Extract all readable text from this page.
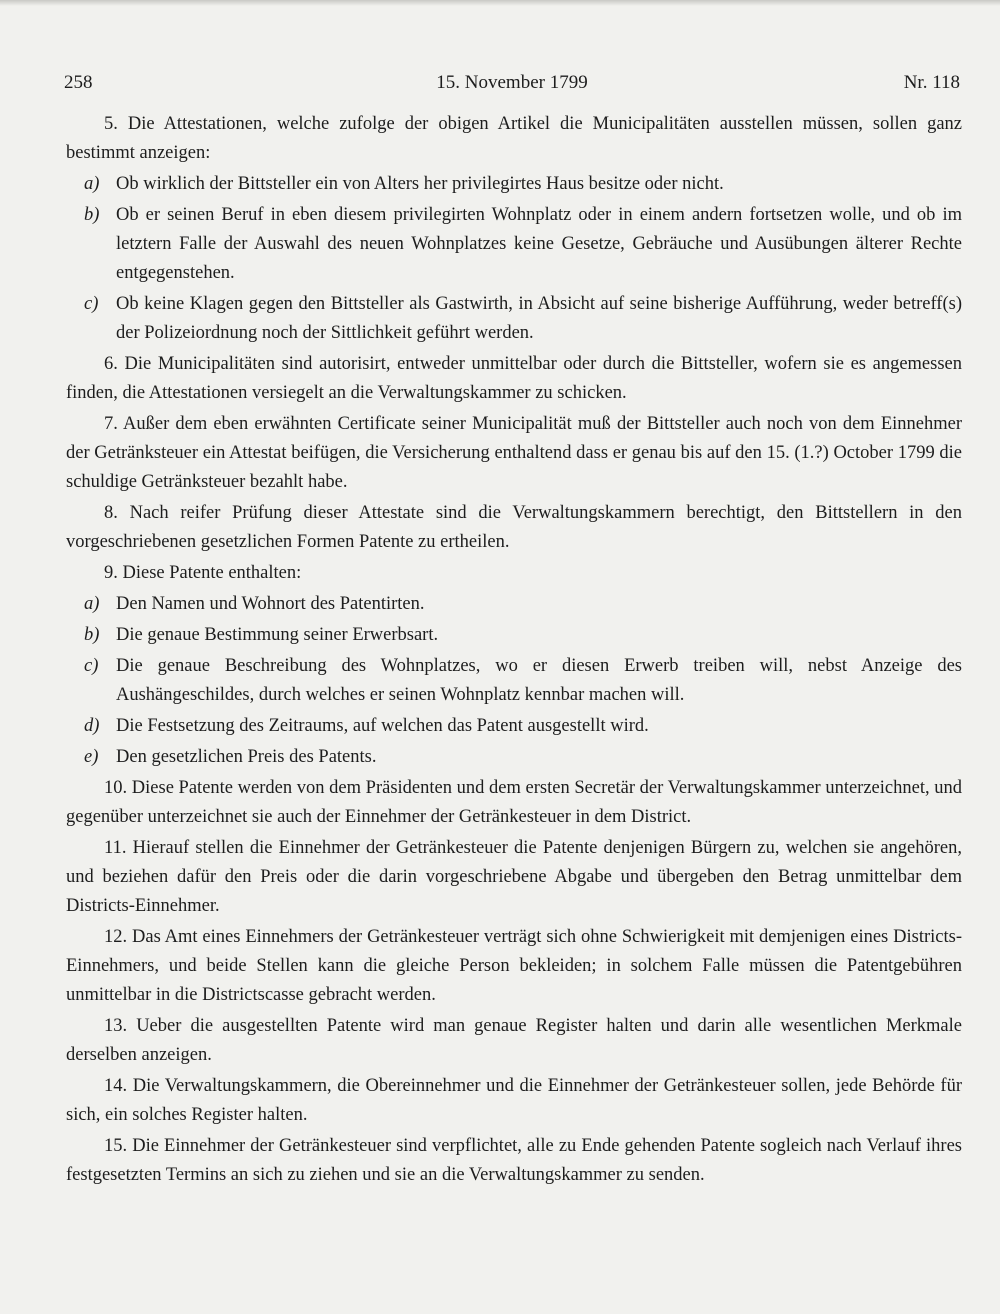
258	15. November 1799	Nr. 118

5. Die Attestationen, welche zufolge der obigen Artikel die Municipalitäten ausstellen müssen, sollen ganz bestimmt anzeigen:

a) Ob wirklich der Bittsteller ein von Alters her privilegirtes Haus besitze oder nicht.

b) Ob er seinen Beruf in eben diesem privilegirten Wohnplatz oder in einem andern fortsetzen wolle, und ob im letztern Falle der Auswahl des neuen Wohnplatzes keine Gesetze, Gebräuche und Ausübungen älterer Rechte entgegenstehen.

c) Ob keine Klagen gegen den Bittsteller als Gastwirth, in Absicht auf seine bisherige Aufführung, weder betreff(s) der Polizeiordnung noch der Sittlichkeit geführt werden.

6. Die Municipalitäten sind autorisirt, entweder unmittelbar oder durch die Bittsteller, wofern sie es angemessen finden, die Attestationen versiegelt an die Verwaltungskammer zu schicken.

7. Außer dem eben erwähnten Certificate seiner Municipalität muß der Bittsteller auch noch von dem Einnehmer der Getränksteuer ein Attestat beifügen, die Versicherung enthaltend dass er genau bis auf den 15. (1.?) October 1799 die schuldige Getränksteuer bezahlt habe.

8. Nach reifer Prüfung dieser Attestate sind die Verwaltungskammern berechtigt, den Bittstellern in den vorgeschriebenen gesetzlichen Formen Patente zu ertheilen.

9. Diese Patente enthalten:

a) Den Namen und Wohnort des Patentirten.

b) Die genaue Bestimmung seiner Erwerbsart.

c) Die genaue Beschreibung des Wohnplatzes, wo er diesen Erwerb treiben will, nebst Anzeige des Aushängeschildes, durch welches er seinen Wohnplatz kennbar machen will.

d) Die Festsetzung des Zeitraums, auf welchen das Patent ausgestellt wird.

e) Den gesetzlichen Preis des Patents.

10. Diese Patente werden von dem Präsidenten und dem ersten Secretär der Verwaltungskammer unterzeichnet, und gegenüber unterzeichnet sie auch der Einnehmer der Getränkesteuer in dem District.

11. Hierauf stellen die Einnehmer der Getränkesteuer die Patente denjenigen Bürgern zu, welchen sie angehören, und beziehen dafür den Preis oder die darin vorgeschriebene Abgabe und übergeben den Betrag unmittelbar dem Districts-Einnehmer.

12. Das Amt eines Einnehmers der Getränkesteuer verträgt sich ohne Schwierigkeit mit demjenigen eines Districts-Einnehmers, und beide Stellen kann die gleiche Person bekleiden; in solchem Falle müssen die Patentgebühren unmittelbar in die Districtscasse gebracht werden.

13. Ueber die ausgestellten Patente wird man genaue Register halten und darin alle wesentlichen Merkmale derselben anzeigen.

14. Die Verwaltungskammern, die Obereinnehmer und die Einnehmer der Getränkesteuer sollen, jede Behörde für sich, ein solches Register halten.

15. Die Einnehmer der Getränkesteuer sind verpflichtet, alle zu Ende gehenden Patente sogleich nach Verlauf ihres festgesetzten Termins an sich zu ziehen und sie an die Verwaltungskammer zu senden.
